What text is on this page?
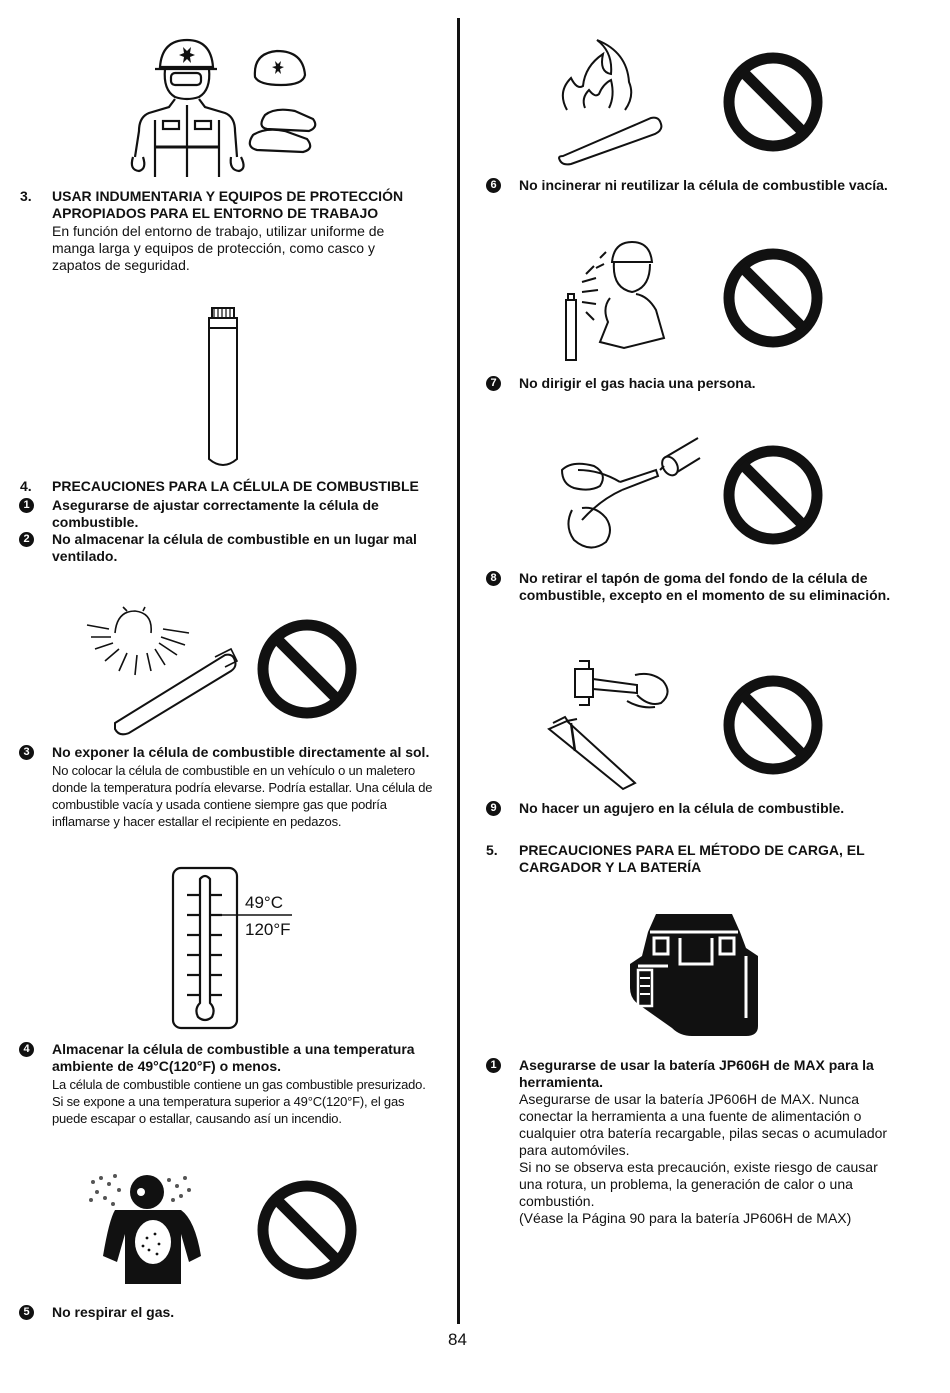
3. USAR INDUMENTARIA Y EQUIPOS DE PROTECCIÓN APROPIADOS PARA EL ENTORNO DE TRABAJO
En función del entorno de trabajo, utilizar uniforme de manga larga y equipos de protección, como casco y zapatos de seguridad.
4. PRECAUCIONES PARA LA CÉLULA DE COMBUSTIBLE
1	Asegurarse de ajustar correctamente la célula de combustible.
2	No almacenar la célula de combustible en un lugar mal ventilado.
3	No exponer la célula de combustible directamente al sol.
No colocar la célula de combustible en un vehículo o un maletero donde la temperatura podría elevarse. Podría estallar. Una célula de combustible vacía y usada contiene siempre gas que podría inflamarse y hacer estallar el recipiente en pedazos.
49°C
120°F
4	Almacenar la célula de combustible a una temperatura ambiente de 49°C(120°F) o menos.
La célula de combustible contiene un gas combustible presurizado. Si se expone a una temperatura superior a 49°C(120°F), el gas puede escapar o estallar, causando así un incendio.
5	No respirar el gas.
6	No incinerar ni reutilizar la célula de combustible vacía.
7	No dirigir el gas hacia una persona.
8	No retirar el tapón de goma del fondo de la célula de combustible, excepto en el momento de su eliminación.
9	No hacer un agujero en la célula de combustible.
5. PRECAUCIONES PARA EL MÉTODO DE CARGA, EL CARGADOR Y LA BATERÍA
1	Asegurarse de usar la batería JP606H de MAX para la herramienta.
Asegurarse de usar la batería JP606H de MAX. Nunca conectar la herramienta a una fuente de alimentación o cualquier otra batería recargable, pilas secas o acumulador para automóviles.
Si no se observa esta precaución, existe riesgo de causar una rotura, un problema, la generación de calor o una combustión.
(Véase la Página 90 para la batería JP606H de MAX)
84
